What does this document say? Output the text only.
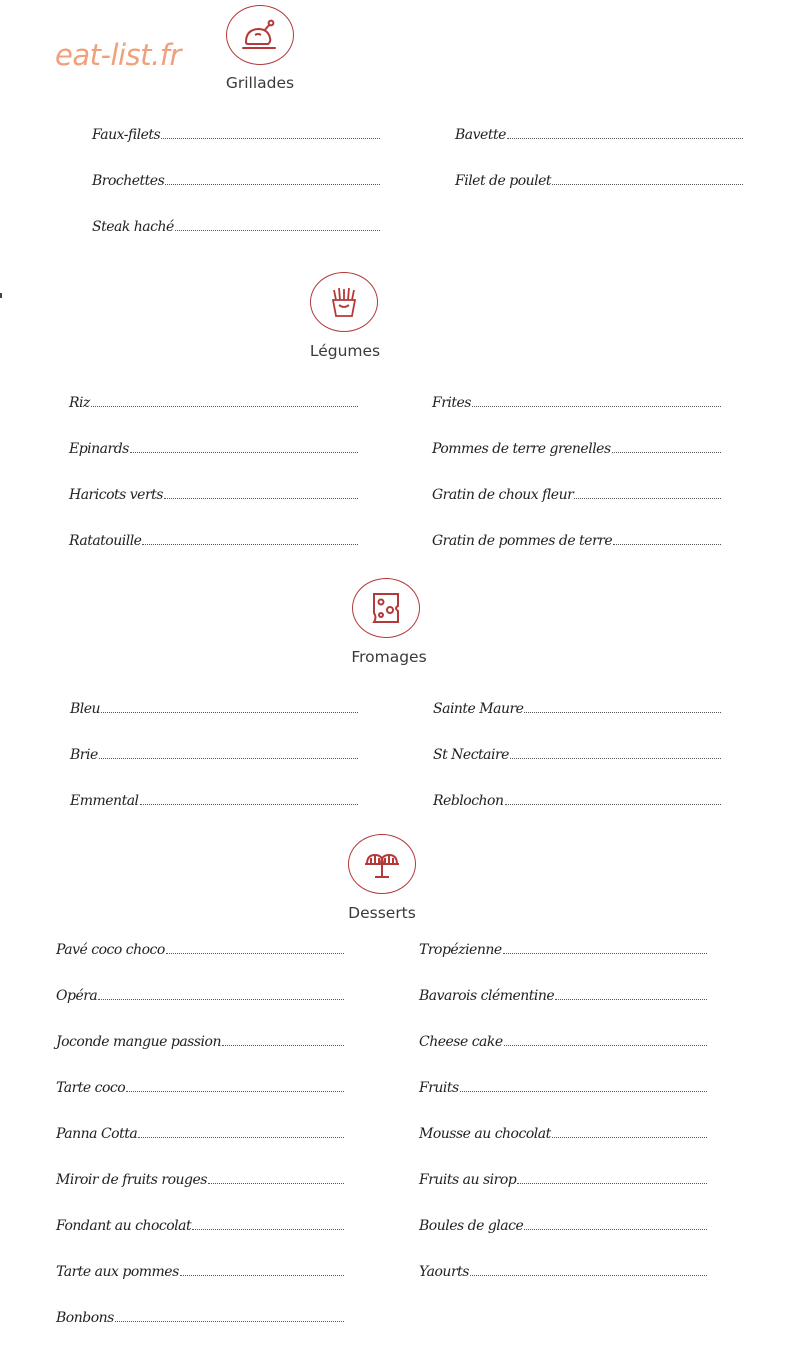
eat-list.fr
Grillades
Légumes
Fromages
Desserts
Faux-filets
Brochettes
Steak haché
Bavette
Filet de poulet
Riz
Epinards
Haricots verts
Ratatouille
Frites
Pommes de terre grenelles
Gratin de choux fleur
Gratin de pommes de terre
Bleu
Brie
Emmental
Sainte Maure
St Nectaire
Reblochon
Pavé coco choco
Opéra
Joconde mangue passion
Tarte coco
Panna Cotta
Miroir de fruits rouges
Fondant au chocolat
Tarte aux pommes
Bonbons
Tropézienne
Bavarois clémentine
Cheese cake
Fruits
Mousse au chocolat
Fruits au sirop
Boules de glace
Yaourts
